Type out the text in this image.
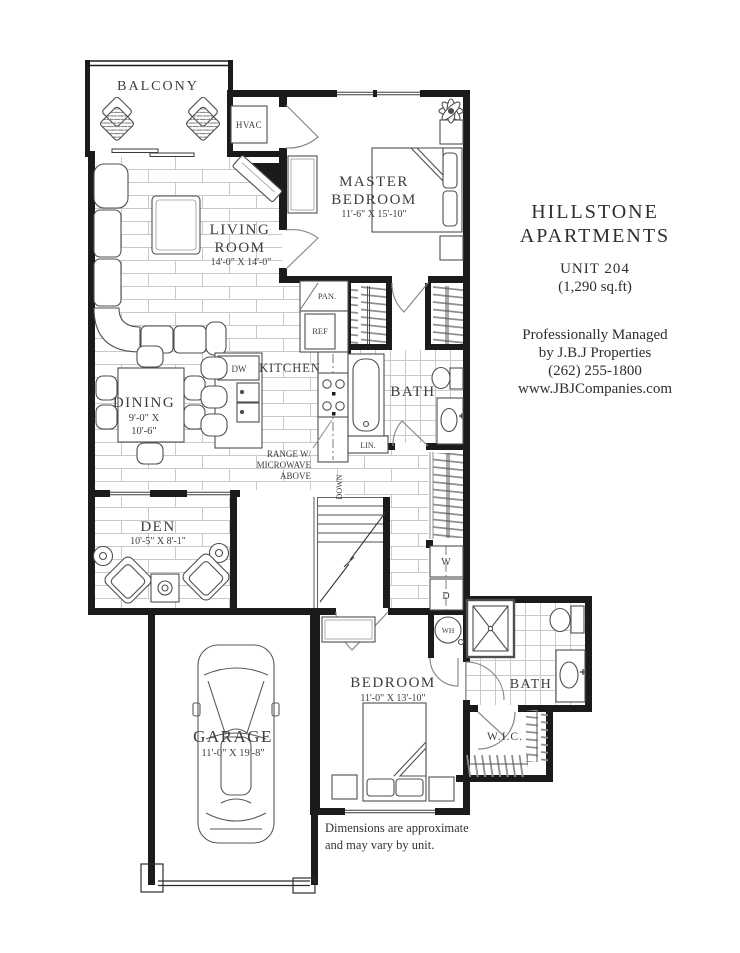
BALCONY
HVAC
MASTER
BEDROOM
11'-6" X 15'-10"
LIVING
ROOM
14'-0" X 14'-0"
KITCHEN
DW
PAN.
REF
DINING
9'-0" X
10'-6"
BATH
LIN.
RANGE W/
MICROWAVE
ABOVE	DOWN
DEN
10'-5" X 8'-1"
W
D
GARAGE
11'-0" X 19'-8"
BEDROOM
11'-0" X 13'-10"
WH
BATH
W.I.C.
HILLSTONE
APARTMENTS
UNIT 204
(1,290 sq.ft)
Professionally Managed
by J.B.J Properties
(262) 255-1800
www.JBJCompanies.com
Dimensions are approximate
and may vary by unit.
